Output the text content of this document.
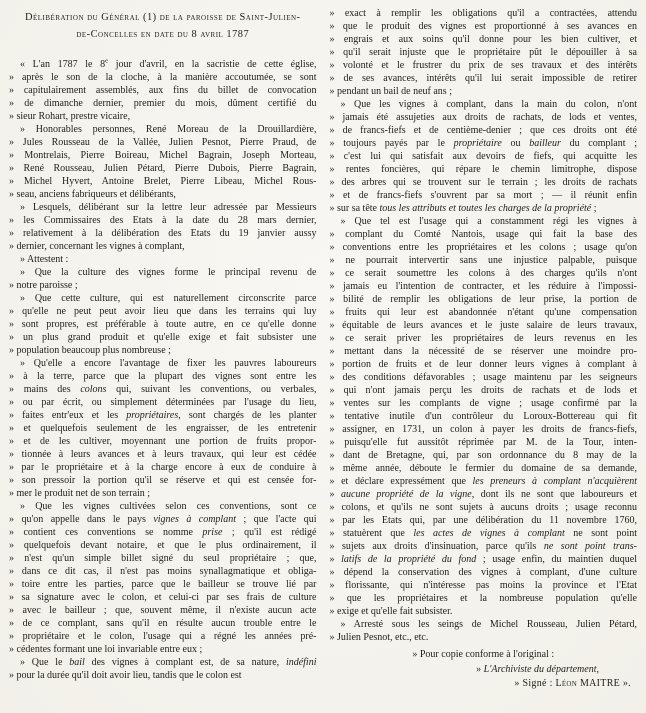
Délibération du Général (1) de la paroisse de Saint-Julien-
de-Concelles en date du 8 avril 1787
« L'an 1787 le 8e jour d'avril, en la sacristie de cette église,
» après le son de la cloche, à la manière accoutumée, se sont
» capitulairement assemblés, aux fins du billet de convocation
» de dimanche dernier, premier du mois, dûment certifié du
» sieur Rohart, prestre vicaire,
» Honorables personnes, René Moreau de la Drouillardière,
» Jules Rousseau de la Vallée, Julien Pesnot, Pierre Praud, de
» Montrelais, Pierre Boireau, Michel Bagrain, Joseph Morteau,
» René Rousseau, Julien Pétard, Pierre Dubois, Pierre Bagrain,
» Michel Hyvert, Antoine Brelet, Pierre Libeau, Michel Rous-
» seau, anciens fabriqueurs et délibérants,
» Lesquels, délibérant sur la lettre leur adressée par Messieurs
» les Commissaires des Etats à la date du 28 mars dernier,
» relativement à la délibération des Etats du 19 janvier aussy
» dernier, concernant les vignes à complant,
» Attestent :
» Que la culture des vignes forme le principal revenu de
» notre paroisse ;
» Que cette culture, qui est naturellement circonscrite parce
» qu'elle ne peut peut avoir lieu que dans les terrains qui luy
» sont propres, est préférable à toute autre, en ce qu'elle donne
» un plus grand produit et qu'elle exige et fait subsister une
» population beaucoup plus nombreuse ;
» Qu'elle a encore l'avantage de fixer les pauvres laboureurs
» à la terre, parce que la plupart des vignes sont entre les
» mains des colons qui, suivant les conventions, ou verbales,
» ou par écrit, ou simplement déterminées par l'usage du lieu,
» faites entr'eux et les propriétaires, sont chargés de les planter
» et quelquefois seulement de les engraisser, de les entretenir
» et de les cultiver, moyennant une portion de fruits propor-
» tionnée à leurs avances et à leurs travaux, qui leur est cédée
» par le propriétaire et à la charge encore à eux de conduire à
» son pressoir la portion qu'il se réserve et qui est censée for-
» mer le produit net de son terrain ;
» Que les vignes cultivées selon ces conventions, sont ce
» qu'on appelle dans le pays vignes à complant ; que l'acte qui
» contient ces conventions se nomme prise ; qu'il est rédigé
» quelquefois devant notaire, et que le plus ordinairement, il
» n'est qu'un simple billet signé du seul propriétaire ; que,
» dans ce dit cas, il n'est pas moins synallagmatique et obliga-
» toire entre les parties, parce que le bailleur se trouve lié par
» sa signature avec le colon, et celui-ci par ses frais de culture
» avec le bailleur ; que, souvent même, il n'existe aucun acte
» de ce complant, sans qu'il en résulte aucun trouble entre le
» propriétaire et le colon, l'usage qui a régné les années pré-
» cédentes formant une loi invariable entre eux ;
» Que le bail des vignes à complant est, de sa nature, indéfini
» pour la durée qu'il doit avoir lieu, tandis que le colon est
» exact à remplir les obligations qu'il a contractées, attendu
» que le produit des vignes est proportionné à ses avances en
» engrais et aux soins qu'il donne pour les bien cultiver, et
» qu'il serait injuste que le propriétaire pût le dépouiller à sa
» volonté et le frustrer du prix de ses travaux et des intérêts
» de ses avances, intérêts qu'il lui serait impossible de retirer
» pendant un bail de neuf ans ;
» Que les vignes à complant, dans la main du colon, n'ont
» jamais été assujeties aux droits de rachats, de lods et ventes,
» de francs-fiefs et de centième-denier ; que ces droits ont été
» toujours payés par le propriétaire ou bailleur du complant ;
» c'est lui qui satisfait aux devoirs de fiefs, qui acquitte les
» rentes foncières, qui répare le chemin limitrophe, dispose
» des arbres qui se trouvent sur le terrain ; les droits de rachats
» et de francs-fiefs s'ouvrent par sa mort ; — il réunit enfin
» sur sa tête tous les attributs et toutes les charges de la propriété ;
» Que tel est l'usage qui a constamment régi les vignes à
» complant du Comté Nantois, usage qui fait la base des
» conventions entre les propriétaires et les colons ; usage qu'on
» ne pourrait intervertir sans une injustice palpable, puisque
» ce serait soumettre les colons à des charges qu'ils n'ont
» jamais eu l'intention de contracter, et les réduire à l'impossi-
» bilité de remplir les obligations de leur prise, la portion de
» fruits qui leur est abandonnée n'étant qu'une compensation
» équitable de leurs avances et le juste salaire de leurs travaux,
» ce serait priver les propriétaires de leurs revenus en les
» mettant dans la nécessité de se réserver une moindre pro-
» portion de fruits et de leur donner leurs vignes à complant à
» des conditions défavorables ; usage maintenu par les seigneurs
» qui n'ont jamais perçu les droits de rachats et de lods et
» ventes sur les complants de vigne ; usage confirmé par la
» tentative inutile d'un contrôleur du Loroux-Bottereau qui fit
» assigner, en 1731, un colon à payer les droits de francs-fiefs,
» puisqu'elle fut aussitôt réprimée par M. de la Tour, inten-
» dant de Bretagne, qui, par son ordonnance du 8 may de la
» même année, déboute le fermier du domaine de sa demande,
» et déclare expressément que les preneurs à complant n'acquièrent
» aucune propriété de la vigne, dont ils ne sont que laboureurs et
» colons, et qu'ils ne sont sujets à aucuns droits ; usage reconnu
» par les Etats qui, par une délibération du 11 novembre 1760,
» statuèrent que les actes de vignes à complant ne sont point
» sujets aux droits d'insinuation, parce qu'ils ne sont point trans-
» latifs de la propriété du fond ; usage enfin, du maintien duquel
» dépend la conservation des vignes à complant, d'une culture
» florissante, qui n'intéresse pas moins la province et l'Etat
» que les propriétaires et la nombreuse population qu'elle
» exige et qu'elle fait subsister.
» Arresté sous les seings de Michel Rousseau, Julien Pétard,
» Julien Pesnot, etc., etc.
» Pour copie conforme à l'original :
» L'Archiviste du département,
» Signé : Léon MAITRE ».
